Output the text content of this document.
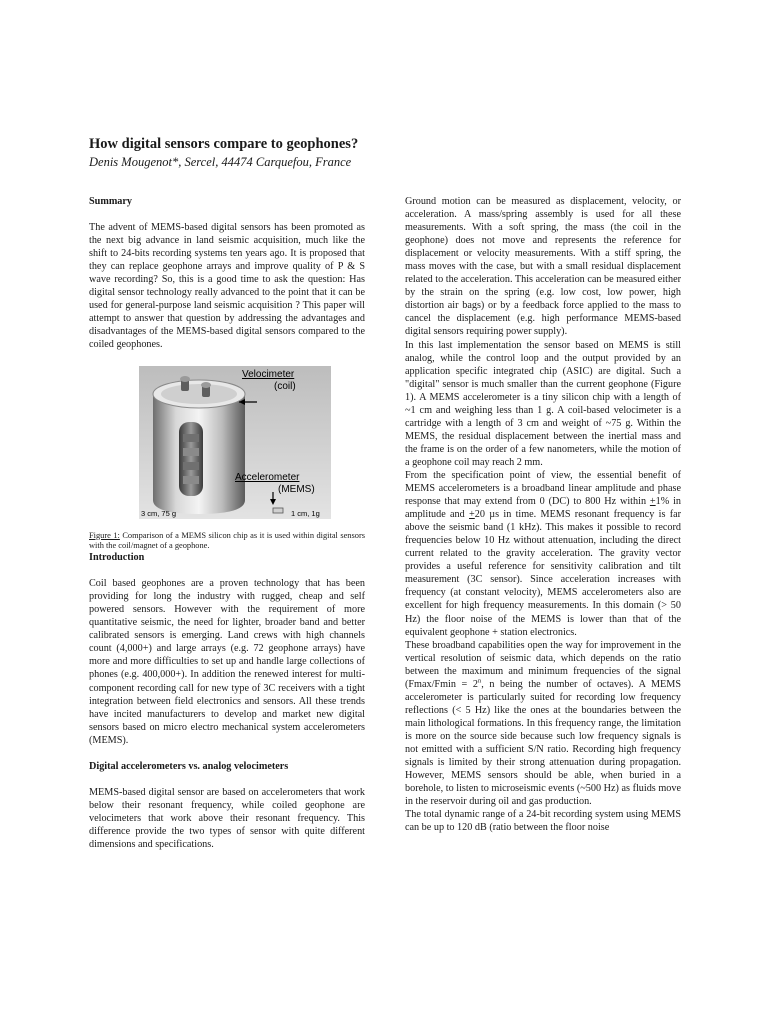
How digital sensors compare to geophones?
Denis Mougenot*, Sercel, 44474 Carquefou, France
Summary

The advent of MEMS-based digital sensors has been promoted as the next big advance in land seismic acquisition, much like the shift to 24-bits recording systems ten years ago. It is proposed that they can replace geophone arrays and improve quality of P & S wave recording? So, this is a good time to ask the question: Has digital sensor technology really advanced to the point that it can be used for general-purpose land seismic acquisition ? This paper will attempt to answer that question by addressing the advantages and disadvantages of the MEMS-based digital sensors compared to the coiled geophones.

Velocimeter
(coil)
Accelerometer
(MEMS)
3 cm, 75 g	1 cm, 1g

Figure 1: Comparison of a MEMS silicon chip as it is used within digital sensors with the coil/magnet of a geophone.

Introduction

Coil based geophones are a proven technology that has been providing for long the industry with rugged, cheap and self powered sensors. However with the requirement of more quantitative seismic, the need for lighter, broader band and better calibrated sensors is emerging. Land crews with high channels count (4,000+) and large arrays (e.g. 72 geophone arrays) have more and more difficulties to set up and handle large collections of phones (e.g. 400,000+). In addition the renewed interest for multi-component recording call for new type of 3C receivers with a tight integration between field electronics and sensors. All these trends have incited manufacturers to develop and market new digital sensors based on micro electro mechanical system accelerometers (MEMS).

Digital accelerometers vs. analog velocimeters

MEMS-based digital sensor are based on accelerometers that work below their resonant frequency, while coiled geophone are velocimeters that work above their resonant frequency. This difference provide the two types of sensor with quite different dimensions and specifications.

Ground motion can be measured as displacement, velocity, or acceleration. A mass/spring assembly is used for all these measurements. With a soft spring, the mass (the coil in the geophone) does not move and represents the reference for displacement or velocity measurements. With a stiff spring, the mass moves with the case, but with a small residual displacement related to the acceleration. This acceleration can be measured either by the strain on the spring (e.g. low cost, low power, high distortion air bags) or by a feedback force applied to the mass to cancel the displacement (e.g. high performance MEMS-based digital sensors requiring power supply).

In this last implementation the sensor based on MEMS is still analog, while the control loop and the output provided by an application specific integrated chip (ASIC) are digital. Such a "digital" sensor is much smaller than the current geophone (Figure 1). A MEMS accelerometer is a tiny silicon chip with a length of ~1 cm and weighing less than 1 g. A coil-based velocimeter is a cartridge with a length of 3 cm and weight of ~75 g. Within the MEMS, the residual displacement between the inertial mass and the frame is on the order of a few nanometers, while the motion of a geophone coil may reach 2 mm.

From the specification point of view, the essential benefit of MEMS accelerometers is a broadband linear amplitude and phase response that may extend from 0 (DC) to 800 Hz within +1% in amplitude and +20 µs in time. MEMS resonant frequency is far above the seismic band (1 kHz). This makes it possible to record frequencies below 10 Hz without attenuation, including the direct current related to the gravity acceleration. The gravity vector provides a useful reference for sensitivity calibration and tilt measurement (3C sensor). Since acceleration increases with frequency (at constant velocity), MEMS accelerometers also are excellent for high frequency measurements. In this domain (> 50 Hz) the floor noise of the MEMS is lower than that of the equivalent geophone + station electronics.

These broadband capabilities open the way for improvement in the vertical resolution of seismic data, which depends on the ratio between the maximum and minimum frequencies of the signal ($Fmax/Fmin = 2^n$, n being the number of octaves). A MEMS accelerometer is particularly suited for recording low frequency reflections (< 5 Hz) like the ones at the boundaries between the main lithological formations. In this frequency range, the limitation is more on the source side because such low frequency signals is not emitted with a sufficient S/N ratio. Recording high frequency signals is limited by their strong attenuation during propagation. However, MEMS sensors should be able, when buried in a borehole, to listen to microseismic events (~500 Hz) as fluids move in the reservoir during oil and gas production.

The total dynamic range of a 24-bit recording system using MEMS can be up to 120 dB (ratio between the floor noise
